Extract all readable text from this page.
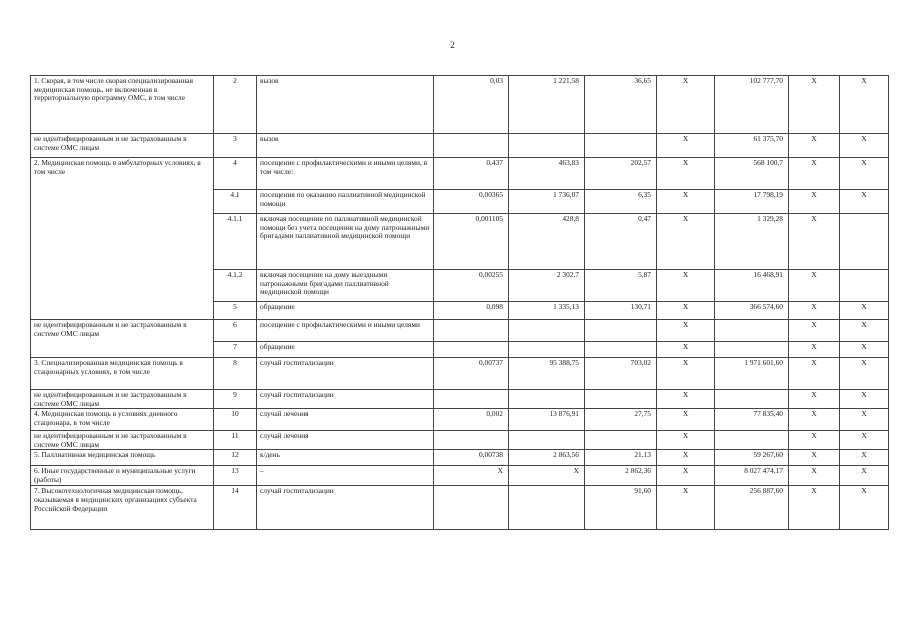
2
1. Скорая, в том числе скорая специализированная медицинская помощь, не включенная в территориальную программу ОМС, в том числе	2	вызов	0,03	1 221,58	36,65	X	102 777,70	X	X
не идентифицированным и не застрахованным в системе ОМС лицам	3	вызов				X	61 375,70	X	X
2. Медицинская помощь в амбулаторных условиях, в том числе	4	посещение с профилактическими и иными целями, в том числе:	0,437	463,83	202,57	X	568 100,7	X	X
	4.1	посещения по оказанию паллиативной медицинской помощи	0,00365	1 736,07	6,35	X	17 798,19	X	X
	4.1.1	включая посещение по паллиативной медицинской помощи без учета посещения на дому патронажными бригадами паллиативной медицинской помощи	0,001105	428,8	0,47	X	1 329,28	X	
	4.1.2	включая посещение на дому выездными патронажными бригадами паллиативной медицинской помощи	0,00255	2 302,7	5,87	X	16 468,91	X	
	5	обращение	0,098	1 335,13	130,71	X	366 574,60	X	X
не идентифицированным и не застрахованным в системе ОМС лицам	6	посещение с профилактическими и иными целями				X		X	X
	7	обращение				X		X	X
3. Специализированная медицинская помощь в стационарных условиях, в том числе	8	случай госпитализации	0,00737	95 388,75	703,02	X	1 971 601,60	X	X
не идентифицированным и не застрахованным в системе ОМС лицам	9	случай госпитализации				X		X	X
4. Медицинская помощь в условиях дневного стационара, в том числе	10	случай лечения	0,002	13 876,91	27,75	X	77 835,40	X	X
не идентифицированным и не застрахованным в системе ОМС лицам	11	случай лечения				X		X	X
5. Паллиативная медицинская помощь	12	к/день	0,00738	2 863,56	21,13	X	59 267,60	X	X
6. Иные государственные и муниципальные услуги (работы)	13	–	X	X	2 862,36	X	8 027 474,17	X	X
7. Высокотехнологичная медицинская помощь, оказываемая в медицинских организациях субъекта Российской Федерации	14	случай госпитализации			91,60	X	256 887,60	X	X
